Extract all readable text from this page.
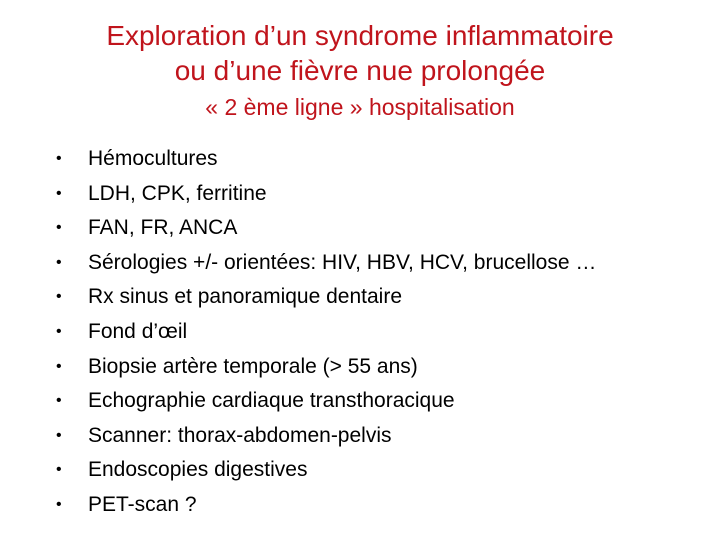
Exploration d’un syndrome inflammatoire
ou d’une fièvre nue prolongée
« 2 ème ligne » hospitalisation
• Hémocultures
• LDH, CPK, ferritine
• FAN, FR, ANCA
• Sérologies +/- orientées: HIV, HBV, HCV, brucellose …
• Rx sinus et panoramique dentaire
• Fond d’œil
• Biopsie artère temporale (> 55 ans)
• Echographie cardiaque transthoracique
• Scanner: thorax-abdomen-pelvis
• Endoscopies digestives
• PET-scan ?
